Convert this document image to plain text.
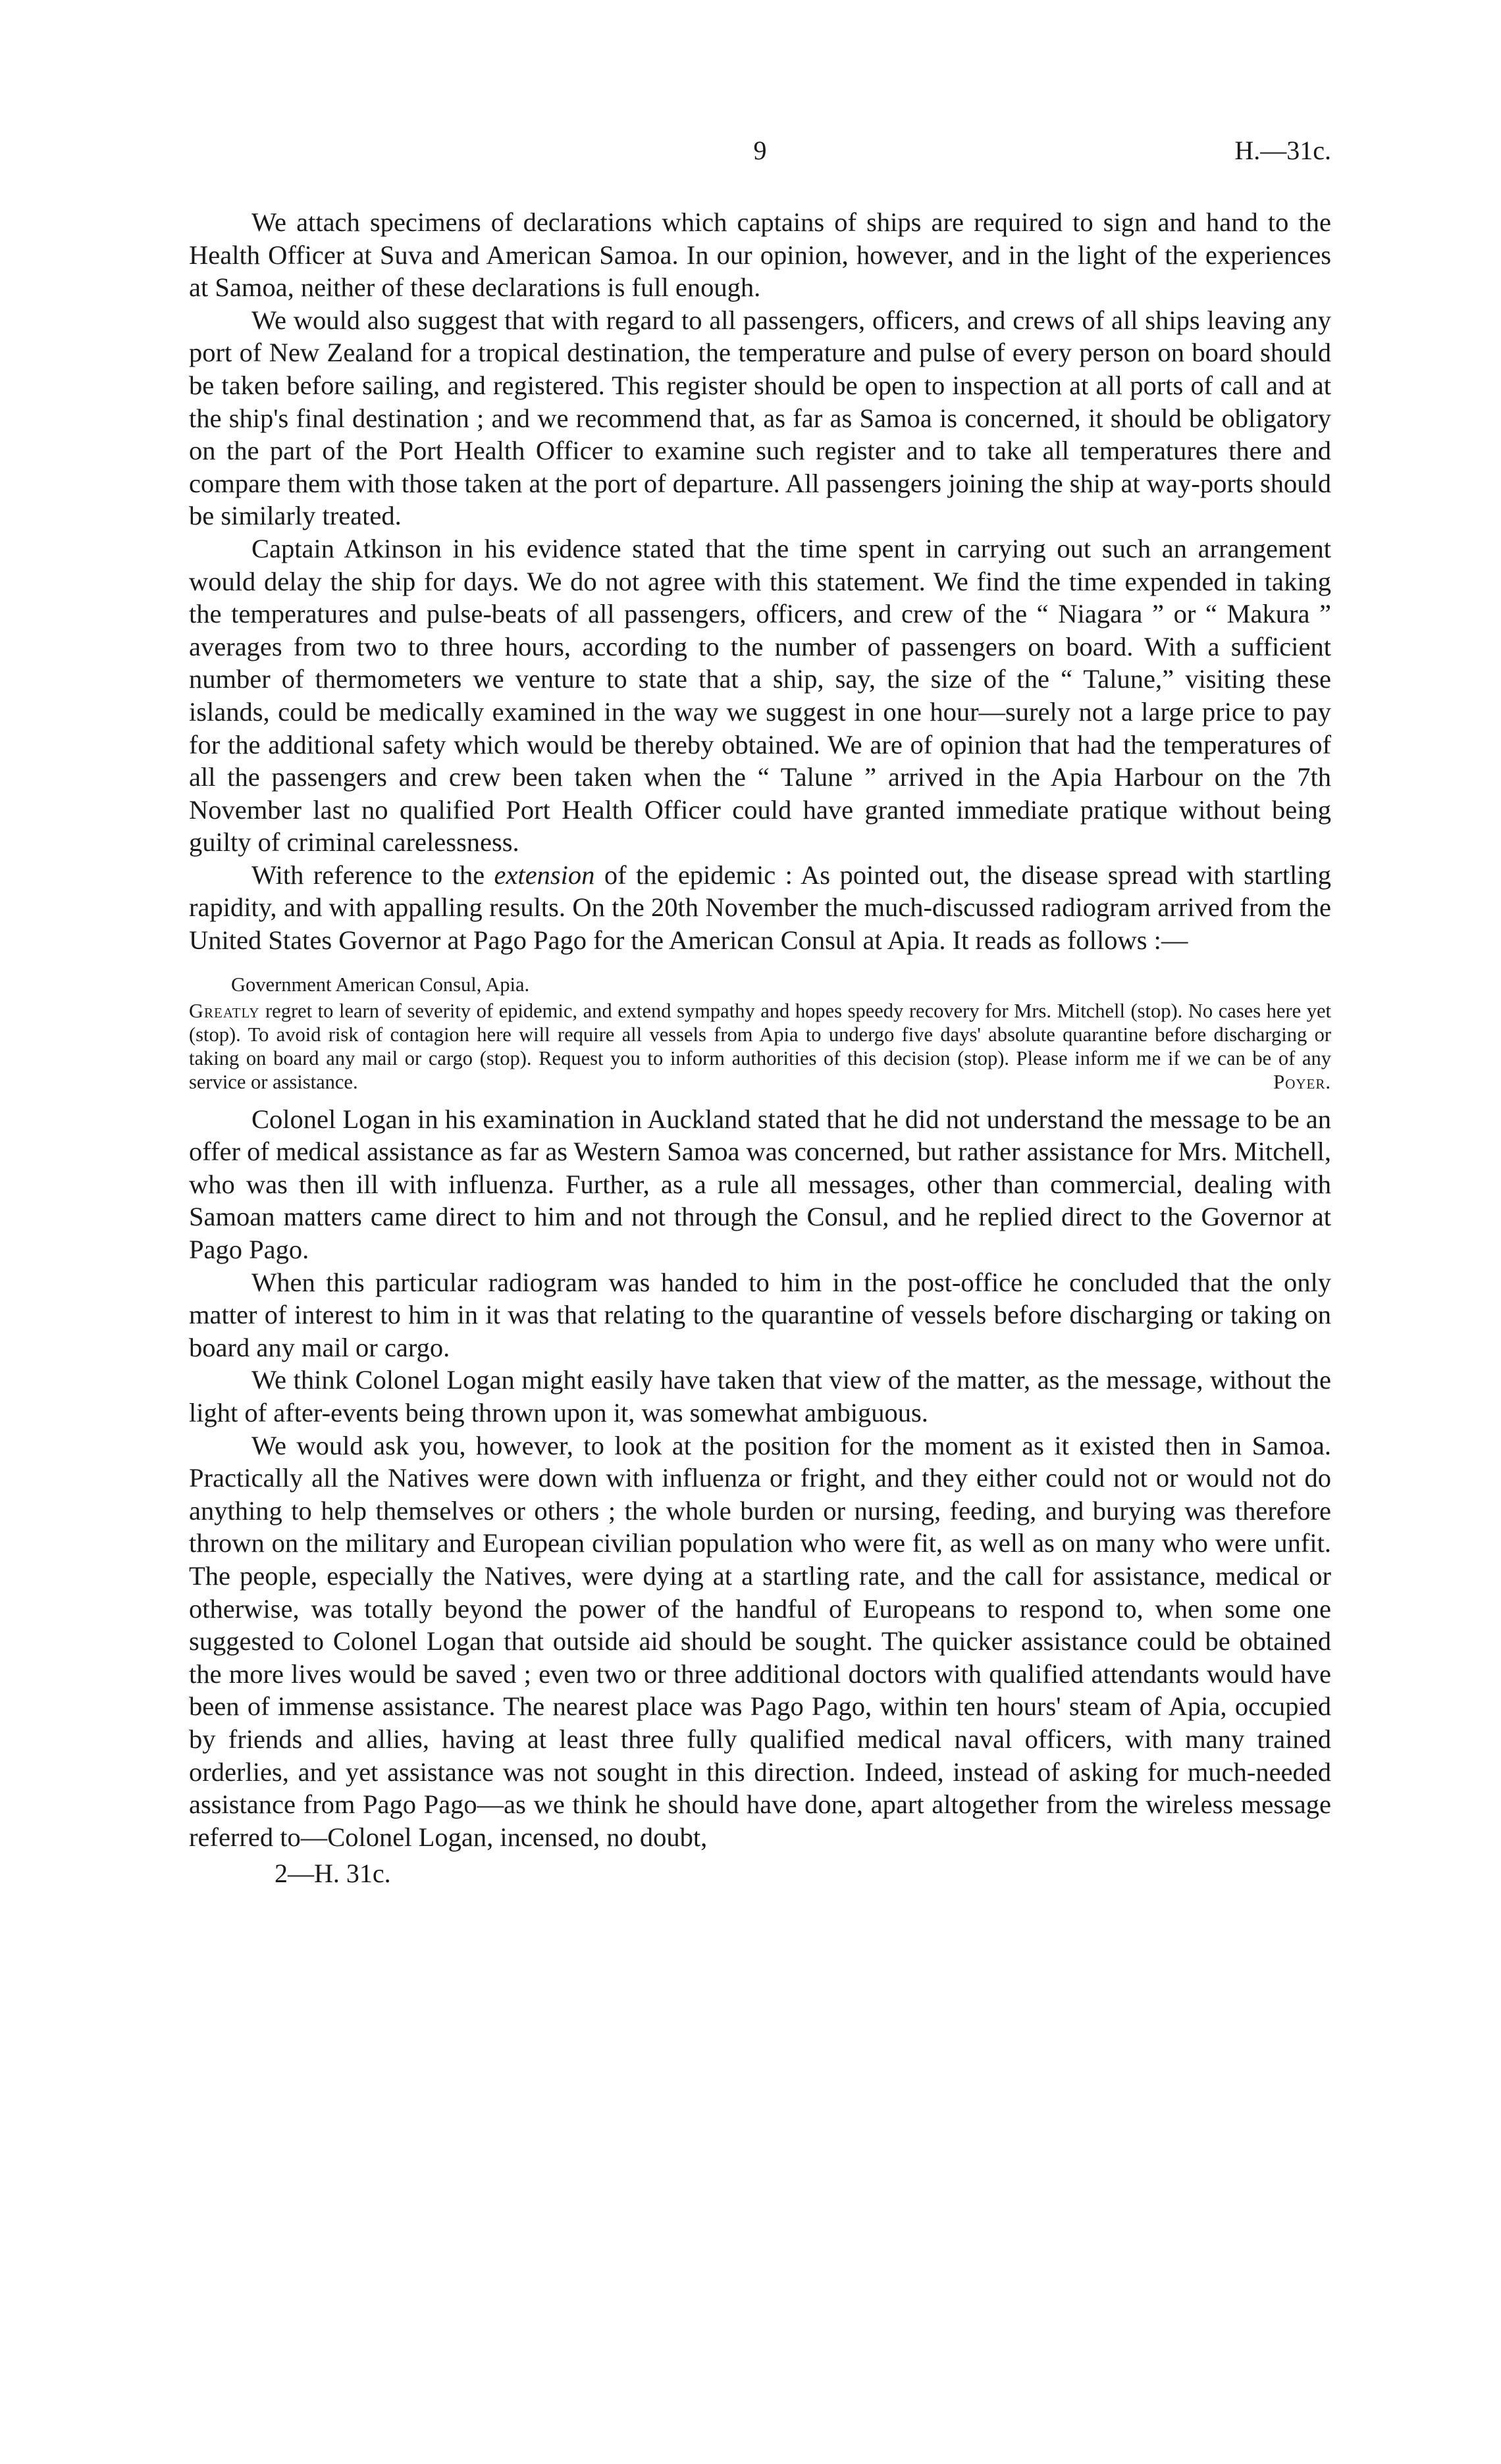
9	H.—31c.

We attach specimens of declarations which captains of ships are required to sign and hand to the Health Officer at Suva and American Samoa. In our opinion, however, and in the light of the experiences at Samoa, neither of these declarations is full enough.

We would also suggest that with regard to all passengers, officers, and crews of all ships leaving any port of New Zealand for a tropical destination, the temperature and pulse of every person on board should be taken before sailing, and registered. This register should be open to inspection at all ports of call and at the ship's final destination ; and we recommend that, as far as Samoa is concerned, it should be obligatory on the part of the Port Health Officer to examine such register and to take all temperatures there and compare them with those taken at the port of departure. All passengers joining the ship at way-ports should be similarly treated.

Captain Atkinson in his evidence stated that the time spent in carrying out such an arrangement would delay the ship for days. We do not agree with this statement. We find the time expended in taking the temperatures and pulse-beats of all passengers, officers, and crew of the “ Niagara ” or “ Makura ” averages from two to three hours, according to the number of passengers on board. With a sufficient number of thermometers we venture to state that a ship, say, the size of the “ Talune,” visiting these islands, could be medically examined in the way we suggest in one hour—surely not a large price to pay for the additional safety which would be thereby obtained. We are of opinion that had the temperatures of all the passengers and crew been taken when the “ Talune ” arrived in the Apia Harbour on the 7th November last no qualified Port Health Officer could have granted immediate pratique without being guilty of criminal carelessness.

With reference to the extension of the epidemic : As pointed out, the disease spread with startling rapidity, and with appalling results. On the 20th November the much-discussed radiogram arrived from the United States Governor at Pago Pago for the American Consul at Apia. It reads as follows :—

Government American Consul, Apia.

Greatly regret to learn of severity of epidemic, and extend sympathy and hopes speedy recovery for Mrs. Mitchell (stop). No cases here yet (stop). To avoid risk of contagion here will require all vessels from Apia to undergo five days' absolute quarantine before discharging or taking on board any mail or cargo (stop). Request you to inform authorities of this decision (stop). Please inform me if we can be of any service or assistance.	Poyer.

Colonel Logan in his examination in Auckland stated that he did not understand the message to be an offer of medical assistance as far as Western Samoa was concerned, but rather assistance for Mrs. Mitchell, who was then ill with influenza. Further, as a rule all messages, other than commercial, dealing with Samoan matters came direct to him and not through the Consul, and he replied direct to the Governor at Pago Pago.

When this particular radiogram was handed to him in the post-office he concluded that the only matter of interest to him in it was that relating to the quarantine of vessels before discharging or taking on board any mail or cargo.

We think Colonel Logan might easily have taken that view of the matter, as the message, without the light of after-events being thrown upon it, was somewhat ambiguous.

We would ask you, however, to look at the position for the moment as it existed then in Samoa. Practically all the Natives were down with influenza or fright, and they either could not or would not do anything to help themselves or others ; the whole burden or nursing, feeding, and burying was therefore thrown on the military and European civilian population who were fit, as well as on many who were unfit. The people, especially the Natives, were dying at a startling rate, and the call for assistance, medical or otherwise, was totally beyond the power of the handful of Europeans to respond to, when some one suggested to Colonel Logan that outside aid should be sought. The quicker assistance could be obtained the more lives would be saved ; even two or three additional doctors with qualified attendants would have been of immense assistance. The nearest place was Pago Pago, within ten hours' steam of Apia, occupied by friends and allies, having at least three fully qualified medical naval officers, with many trained orderlies, and yet assistance was not sought in this direction. Indeed, instead of asking for much-needed assistance from Pago Pago—as we think he should have done, apart altogether from the wireless message referred to—Colonel Logan, incensed, no doubt,

2—H. 31c.
